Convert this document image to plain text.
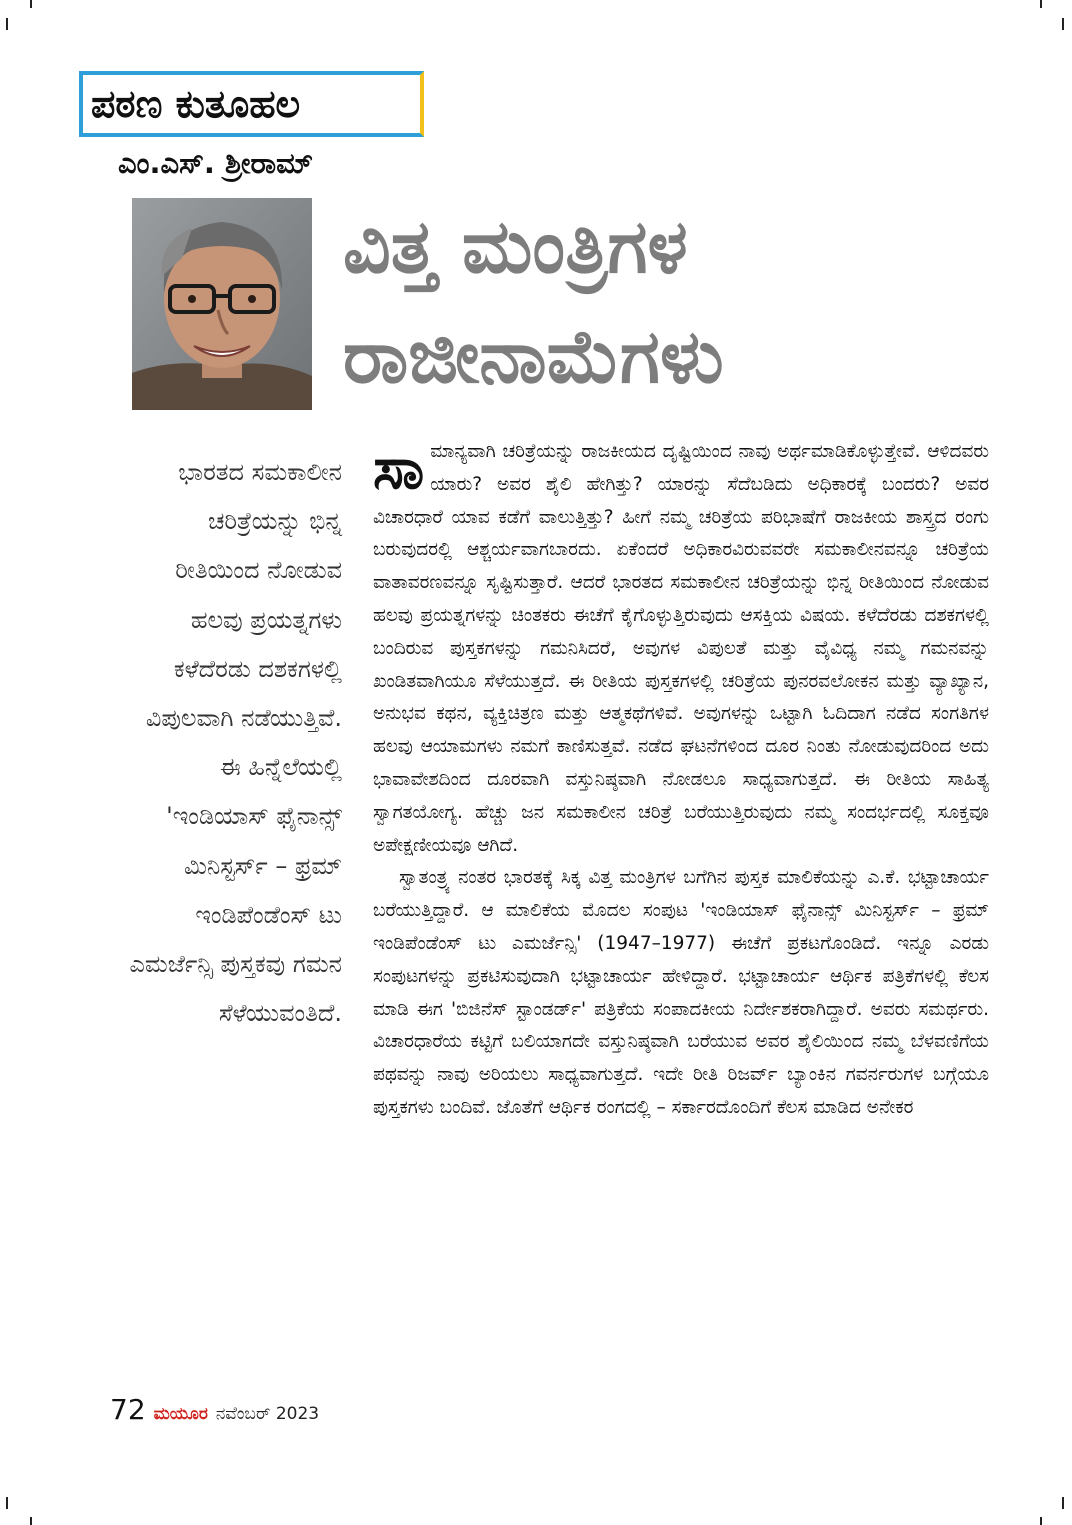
ಪಠಣ ಕುತೂಹಲ
ಎಂ.ಎಸ್. ಶ್ರೀರಾಮ್
ವಿತ್ತ ಮಂತ್ರಿಗಳ
ರಾಜೀನಾಮೆಗಳು
ಭಾರತದ ಸಮಕಾಲೀನ ಚರಿತ್ರೆಯನ್ನು ಭಿನ್ನ ರೀತಿಯಿಂದ ನೋಡುವ ಹಲವು ಪ್ರಯತ್ನಗಳು ಕಳೆದೆರಡು ದಶಕಗಳಲ್ಲಿ ವಿಪುಲವಾಗಿ ನಡೆಯುತ್ತಿವೆ. ಈ ಹಿನ್ನೆಲೆಯಲ್ಲಿ 'ಇಂಡಿಯಾಸ್ ಫೈನಾನ್ಸ್ ಮಿನಿಸ್ಟರ್ಸ್ – ಫ್ರಮ್ ಇಂಡಿಪೆಂಡೆಂಸ್ ಟು ಎಮರ್ಜೆನ್ಸಿ ಪುಸ್ತಕವು ಗಮನ ಸೆಳೆಯುವಂತಿದೆ.

ಸಾಮಾನ್ಯವಾಗಿ ಚರಿತ್ರೆಯನ್ನು ರಾಜಕೀಯದ ದೃಷ್ಟಿಯಿಂದ ನಾವು ಅರ್ಥಮಾಡಿಕೊಳ್ಳುತ್ತೇವೆ. ಆಳಿದವರು ಯಾರು? ಅವರ ಶೈಲಿ ಹೇಗಿತ್ತು? ಯಾರನ್ನು ಸೆದೆಬಡಿದು ಅಧಿಕಾರಕ್ಕೆ ಬಂದರು? ಅವರ ವಿಚಾರಧಾರೆ ಯಾವ ಕಡೆಗೆ ವಾಲುತ್ತಿತ್ತು? ಹೀಗೆ ನಮ್ಮ ಚರಿತ್ರೆಯ ಪರಿಭಾಷೆಗೆ ರಾಜಕೀಯ ಶಾಸ್ತ್ರದ ರಂಗು ಬರುವುದರಲ್ಲಿ ಆಶ್ಚರ್ಯವಾಗಬಾರದು. ಏಕೆಂದರೆ ಅಧಿಕಾರವಿರುವವರೇ ಸಮಕಾಲೀನವನ್ನೂ ಚರಿತ್ರೆಯ ವಾತಾವರಣವನ್ನೂ ಸೃಷ್ಟಿಸುತ್ತಾರೆ. ಆದರೆ ಭಾರತದ ಸಮಕಾಲೀನ ಚರಿತ್ರೆಯನ್ನು ಭಿನ್ನ ರೀತಿಯಿಂದ ನೋಡುವ ಹಲವು ಪ್ರಯತ್ನಗಳನ್ನು ಚಿಂತಕರು ಈಚೆಗೆ ಕೈಗೊಳ್ಳುತ್ತಿರುವುದು ಆಸಕ್ತಿಯ ವಿಷಯ. ಕಳೆದೆರಡು ದಶಕಗಳಲ್ಲಿ ಬಂದಿರುವ ಪುಸ್ತಕಗಳನ್ನು ಗಮನಿಸಿದರೆ, ಅವುಗಳ ವಿಪುಲತೆ ಮತ್ತು ವೈವಿಧ್ಯ ನಮ್ಮ ಗಮನವನ್ನು ಖಂಡಿತವಾಗಿಯೂ ಸೆಳೆಯುತ್ತದೆ. ಈ ರೀತಿಯ ಪುಸ್ತಕಗಳಲ್ಲಿ ಚರಿತ್ರೆಯ ಪುನರವಲೋಕನ ಮತ್ತು ವ್ಯಾಖ್ಯಾನ, ಅನುಭವ ಕಥನ, ವ್ಯಕ್ತಿಚಿತ್ರಣ ಮತ್ತು ಆತ್ಮಕಥೆಗಳಿವೆ. ಅವುಗಳನ್ನು ಒಟ್ಟಾಗಿ ಓದಿದಾಗ ನಡೆದ ಸಂಗತಿಗಳ ಹಲವು ಆಯಾಮಗಳು ನಮಗೆ ಕಾಣಿಸುತ್ತವೆ. ನಡೆದ ಘಟನೆಗಳಿಂದ ದೂರ ನಿಂತು ನೋಡುವುದರಿಂದ ಅದು ಭಾವಾವೇಶದಿಂದ ದೂರವಾಗಿ ವಸ್ತುನಿಷ್ಠವಾಗಿ ನೋಡಲೂ ಸಾಧ್ಯವಾಗುತ್ತದೆ. ಈ ರೀತಿಯ ಸಾಹಿತ್ಯ ಸ್ವಾಗತಯೋಗ್ಯ. ಹೆಚ್ಚು ಜನ ಸಮಕಾಲೀನ ಚರಿತ್ರೆ ಬರೆಯುತ್ತಿರುವುದು ನಮ್ಮ ಸಂದರ್ಭದಲ್ಲಿ ಸೂಕ್ತವೂ ಅಪೇಕ್ಷಣೀಯವೂ ಆಗಿದೆ.

ಸ್ವಾತಂತ್ರ್ಯ ನಂತರ ಭಾರತಕ್ಕೆ ಸಿಕ್ಕ ವಿತ್ತ ಮಂತ್ರಿಗಳ ಬಗೆಗಿನ ಪುಸ್ತಕ ಮಾಲಿಕೆಯನ್ನು ಎ.ಕೆ. ಭಟ್ಟಾಚಾರ್ಯ ಬರೆಯುತ್ತಿದ್ದಾರೆ. ಆ ಮಾಲಿಕೆಯ ಮೊದಲ ಸಂಪುಟ 'ಇಂಡಿಯಾಸ್ ಫೈನಾನ್ಸ್ ಮಿನಿಸ್ಟರ್ಸ್ – ಫ್ರಮ್ ಇಂಡಿಪೆಂಡೆಂಸ್ ಟು ಎಮರ್ಜೆನ್ಸಿ' (1947–1977) ಈಚೆಗೆ ಪ್ರಕಟಗೊಂಡಿದೆ. ಇನ್ನೂ ಎರಡು ಸಂಪುಟಗಳನ್ನು ಪ್ರಕಟಿಸುವುದಾಗಿ ಭಟ್ಟಾಚಾರ್ಯ ಹೇಳಿದ್ದಾರೆ. ಭಟ್ಟಾಚಾರ್ಯ ಆರ್ಥಿಕ ಪತ್ರಿಕೆಗಳಲ್ಲಿ ಕೆಲಸ ಮಾಡಿ ಈಗ 'ಬಿಜಿನೆಸ್ ಸ್ಟಾಂಡರ್ಡ್' ಪತ್ರಿಕೆಯ ಸಂಪಾದಕೀಯ ನಿರ್ದೇಶಕರಾಗಿದ್ದಾರೆ. ಅವರು ಸಮರ್ಥರು. ವಿಚಾರಧಾರೆಯ ಕಟ್ಟಿಗೆ ಬಲಿಯಾಗದೇ ವಸ್ತುನಿಷ್ಠವಾಗಿ ಬರೆಯುವ ಅವರ ಶೈಲಿಯಿಂದ ನಮ್ಮ ಬೆಳವಣಿಗೆಯ ಪಥವನ್ನು ನಾವು ಅರಿಯಲು ಸಾಧ್ಯವಾಗುತ್ತದೆ. ಇದೇ ರೀತಿ ರಿಜರ್ವ್ ಬ್ಯಾಂಕಿನ ಗವರ್ನರುಗಳ ಬಗ್ಗೆಯೂ ಪುಸ್ತಕಗಳು ಬಂದಿವೆ. ಜೊತೆಗೆ ಆರ್ಥಿಕ ರಂಗದಲ್ಲಿ – ಸರ್ಕಾರದೊಂದಿಗೆ ಕೆಲಸ ಮಾಡಿದ ಅನೇಕರ

72 ಮಯೂರ ನವೆಂಬರ್ 2023
